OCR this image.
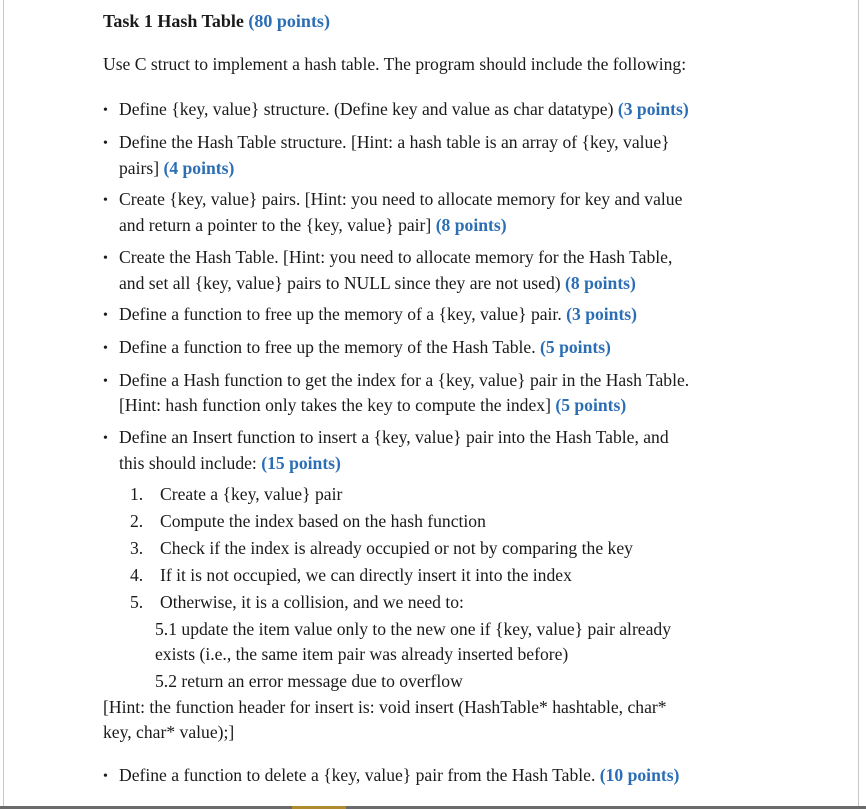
Task 1 Hash Table (80 points)

Use C struct to implement a hash table. The program should include the following:

• Define {key, value} structure. (Define key and value as char datatype) (3 points)

• Define the Hash Table structure. [Hint: a hash table is an array of {key, value}

pairs] (4 points)

• Create {key, value} pairs. [Hint: you need to allocate memory for key and value

and return a pointer to the {key, value} pair] (8 points)

• Create the Hash Table. [Hint: you need to allocate memory for the Hash Table,

and set all {key, value} pairs to NULL since they are not used) (8 points)

• Define a function to free up the memory of a {key, value} pair. (3 points)

• Define a function to free up the memory of the Hash Table. (5 points)

• Define a Hash function to get the index for a {key, value} pair in the Hash Table.

[Hint: hash function only takes the key to compute the index] (5 points)

• Define an Insert function to insert a {key, value} pair into the Hash Table, and

this should include: (15 points)

1. Create a {key, value} pair

2. Compute the index based on the hash function

3. Check if the index is already occupied or not by comparing the key

4. If it is not occupied, we can directly insert it into the index

5. Otherwise, it is a collision, and we need to:

5.1 update the item value only to the new one if {key, value} pair already

exists (i.e., the same item pair was already inserted before)

5.2 return an error message due to overflow

[Hint: the function header for insert is: void insert (HashTable* hashtable, char*

key, char* value);]

• Define a function to delete a {key, value} pair from the Hash Table. (10 points)
